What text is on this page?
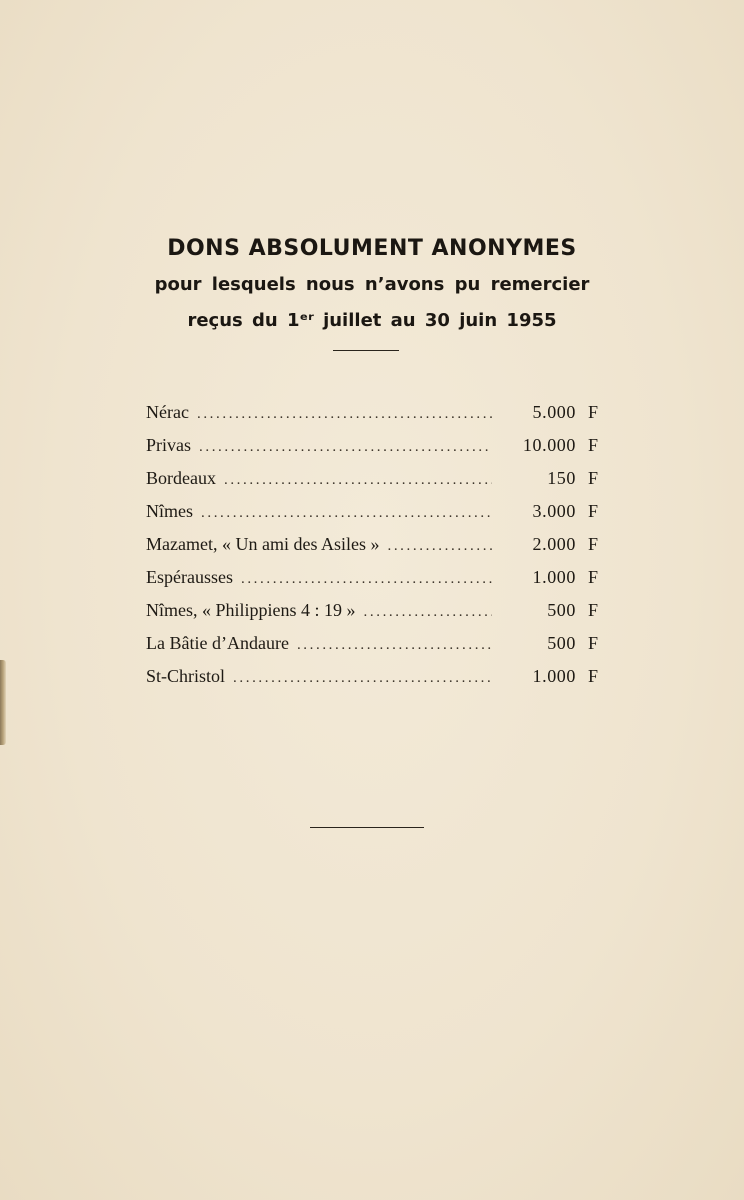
DONS ABSOLUMENT ANONYMES
pour lesquels nous n’avons pu remercier
reçus du 1ᵉʳ juillet au 30 juin 1955
Nérac .....	5.000 F
Privas .....	10.000 F
Bordeaux .....	150 F
Nîmes .....	3.000 F
Mazamet, « Un ami des Asiles » .....	2.000 F
Espérausses .....	1.000 F
Nîmes, « Philippiens 4 : 19 » .....	500 F
La Bâtie d’Andaure .....	500 F
St-Christol .....	1.000 F
